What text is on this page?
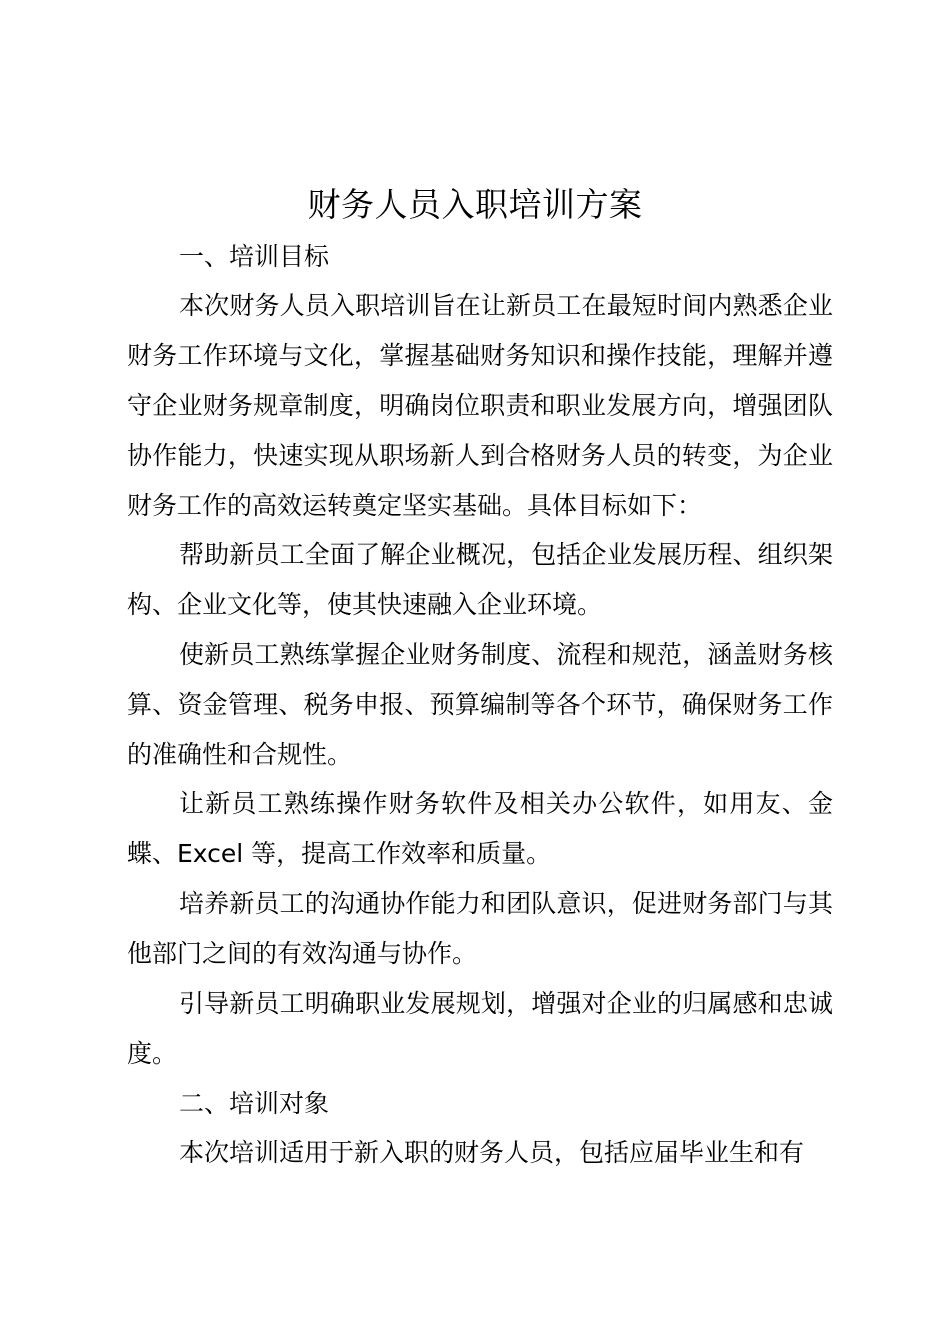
财务人员入职培训方案
一、培训目标

本次财务人员入职培训旨在让新员工在最短时间内熟悉企业财务工作环境与文化，掌握基础财务知识和操作技能，理解并遵守企业财务规章制度，明确岗位职责和职业发展方向，增强团队协作能力，快速实现从职场新人到合格财务人员的转变，为企业财务工作的高效运转奠定坚实基础。具体目标如下：

帮助新员工全面了解企业概况，包括企业发展历程、组织架构、企业文化等，使其快速融入企业环境。

使新员工熟练掌握企业财务制度、流程和规范，涵盖财务核算、资金管理、税务申报、预算编制等各个环节，确保财务工作的准确性和合规性。

让新员工熟练操作财务软件及相关办公软件，如用友、金蝶、Excel 等，提高工作效率和质量。

培养新员工的沟通协作能力和团队意识，促进财务部门与其他部门之间的有效沟通与协作。

引导新员工明确职业发展规划，增强对企业的归属感和忠诚度。

二、培训对象

本次培训适用于新入职的财务人员，包括应届毕业生和有
